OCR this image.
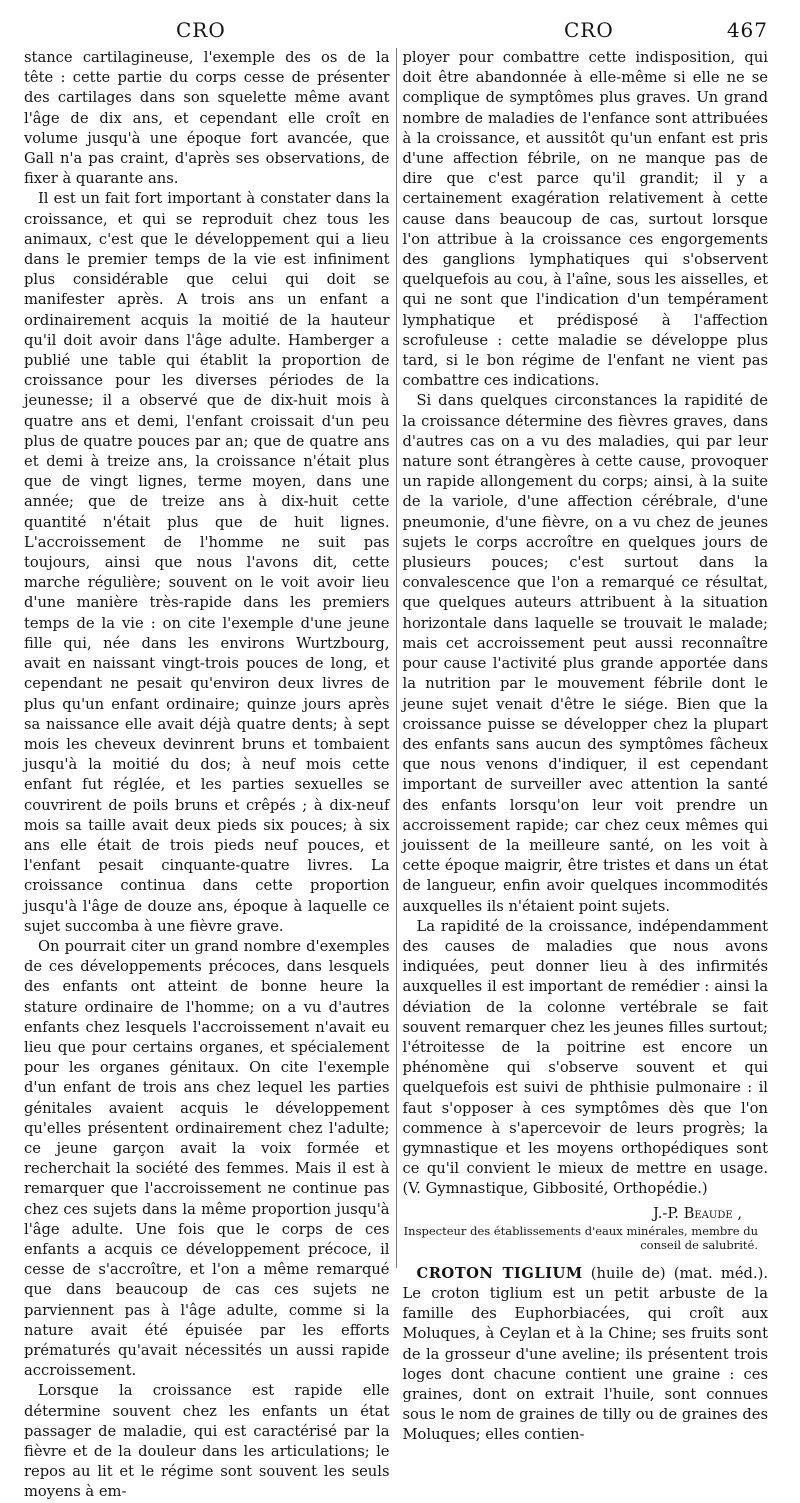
CRO	CRO	467

stance cartilagineuse, l'exemple des os de la tête : cette partie du corps cesse de présenter des cartilages dans son squelette même avant l'âge de dix ans, et cependant elle croît en volume jusqu'à une époque fort avancée, que Gall n'a pas craint, d'après ses observations, de fixer à quarante ans.

Il est un fait fort important à constater dans la croissance, et qui se reproduit chez tous les animaux, c'est que le développement qui a lieu dans le premier temps de la vie est infiniment plus considérable que celui qui doit se manifester après. A trois ans un enfant a ordinairement acquis la moitié de la hauteur qu'il doit avoir dans l'âge adulte. Hamberger a publié une table qui établit la proportion de croissance pour les diverses périodes de la jeunesse; il a observé que de dix-huit mois à quatre ans et demi, l'enfant croissait d'un peu plus de quatre pouces par an; que de quatre ans et demi à treize ans, la croissance n'était plus que de vingt lignes, terme moyen, dans une année; que de treize ans à dix-huit cette quantité n'était plus que de huit lignes. L'accroissement de l'homme ne suit pas toujours, ainsi que nous l'avons dit, cette marche régulière; souvent on le voit avoir lieu d'une manière très-rapide dans les premiers temps de la vie : on cite l'exemple d'une jeune fille qui, née dans les environs Wurtzbourg, avait en naissant vingt-trois pouces de long, et cependant ne pesait qu'environ deux livres de plus qu'un enfant ordinaire; quinze jours après sa naissance elle avait déjà quatre dents; à sept mois les cheveux devinrent bruns et tombaient jusqu'à la moitié du dos; à neuf mois cette enfant fut réglée, et les parties sexuelles se couvrirent de poils bruns et crêpés ; à dix-neuf mois sa taille avait deux pieds six pouces; à six ans elle était de trois pieds neuf pouces, et l'enfant pesait cinquante-quatre livres. La croissance continua dans cette proportion jusqu'à l'âge de douze ans, époque à laquelle ce sujet succomba à une fièvre grave.

On pourrait citer un grand nombre d'exemples de ces développements précoces, dans lesquels des enfants ont atteint de bonne heure la stature ordinaire de l'homme; on a vu d'autres enfants chez lesquels l'accroissement n'avait eu lieu que pour certains organes, et spécialement pour les organes génitaux. On cite l'exemple d'un enfant de trois ans chez lequel les parties génitales avaient acquis le développement qu'elles présentent ordinairement chez l'adulte; ce jeune garçon avait la voix formée et recherchait la société des femmes. Mais il est à remarquer que l'accroissement ne continue pas chez ces sujets dans la même proportion jusqu'à l'âge adulte. Une fois que le corps de ces enfants a acquis ce développement précoce, il cesse de s'accroître, et l'on a même remarqué que dans beaucoup de cas ces sujets ne parviennent pas à l'âge adulte, comme si la nature avait été épuisée par les efforts prématurés qu'avait nécessités un aussi rapide accroissement.

Lorsque la croissance est rapide elle détermine souvent chez les enfants un état passager de maladie, qui est caractérisé par la fièvre et de la douleur dans les articulations; le repos au lit et le régime sont souvent les seuls moyens à em-

ployer pour combattre cette indisposition, qui doit être abandonnée à elle-même si elle ne se complique de symptômes plus graves. Un grand nombre de maladies de l'enfance sont attribuées à la croissance, et aussitôt qu'un enfant est pris d'une affection fébrile, on ne manque pas de dire que c'est parce qu'il grandit; il y a certainement exagération relativement à cette cause dans beaucoup de cas, surtout lorsque l'on attribue à la croissance ces engorgements des ganglions lymphatiques qui s'observent quelquefois au cou, à l'aîne, sous les aisselles, et qui ne sont que l'indication d'un tempérament lymphatique et prédisposé à l'affection scrofuleuse : cette maladie se développe plus tard, si le bon régime de l'enfant ne vient pas combattre ces indications.

Si dans quelques circonstances la rapidité de la croissance détermine des fièvres graves, dans d'autres cas on a vu des maladies, qui par leur nature sont étrangères à cette cause, provoquer un rapide allongement du corps; ainsi, à la suite de la variole, d'une affection cérébrale, d'une pneumonie, d'une fièvre, on a vu chez de jeunes sujets le corps accroître en quelques jours de plusieurs pouces; c'est surtout dans la convalescence que l'on a remarqué ce résultat, que quelques auteurs attribuent à la situation horizontale dans laquelle se trouvait le malade; mais cet accroissement peut aussi reconnaître pour cause l'activité plus grande apportée dans la nutrition par le mouvement fébrile dont le jeune sujet venait d'être le siége. Bien que la croissance puisse se développer chez la plupart des enfants sans aucun des symptômes fâcheux que nous venons d'indiquer, il est cependant important de surveiller avec attention la santé des enfants lorsqu'on leur voit prendre un accroissement rapide; car chez ceux mêmes qui jouissent de la meilleure santé, on les voit à cette époque maigrir, être tristes et dans un état de langueur, enfin avoir quelques incommodités auxquelles ils n'étaient point sujets.

La rapidité de la croissance, indépendamment des causes de maladies que nous avons indiquées, peut donner lieu à des infirmités auxquelles il est important de remédier : ainsi la déviation de la colonne vertébrale se fait souvent remarquer chez les jeunes filles surtout; l'étroitesse de la poitrine est encore un phénomène qui s'observe souvent et qui quelquefois est suivi de phthisie pulmonaire : il faut s'opposer à ces symptômes dès que l'on commence à s'apercevoir de leurs progrès; la gymnastique et les moyens orthopédiques sont ce qu'il convient le mieux de mettre en usage. (V. Gymnastique, Gibbosité, Orthopédie.)

J.-P. Beaude ,
Inspecteur des établissements d'eaux minérales, membre du conseil de salubrité.

CROTON TIGLIUM (huile de) (mat. méd.). Le croton tiglium est un petit arbuste de la famille des Euphorbiacées, qui croît aux Moluques, à Ceylan et à la Chine; ses fruits sont de la grosseur d'une aveline; ils présentent trois loges dont chacune contient une graine : ces graines, dont on extrait l'huile, sont connues sous le nom de graines de tilly ou de graines des Moluques; elles contien-
